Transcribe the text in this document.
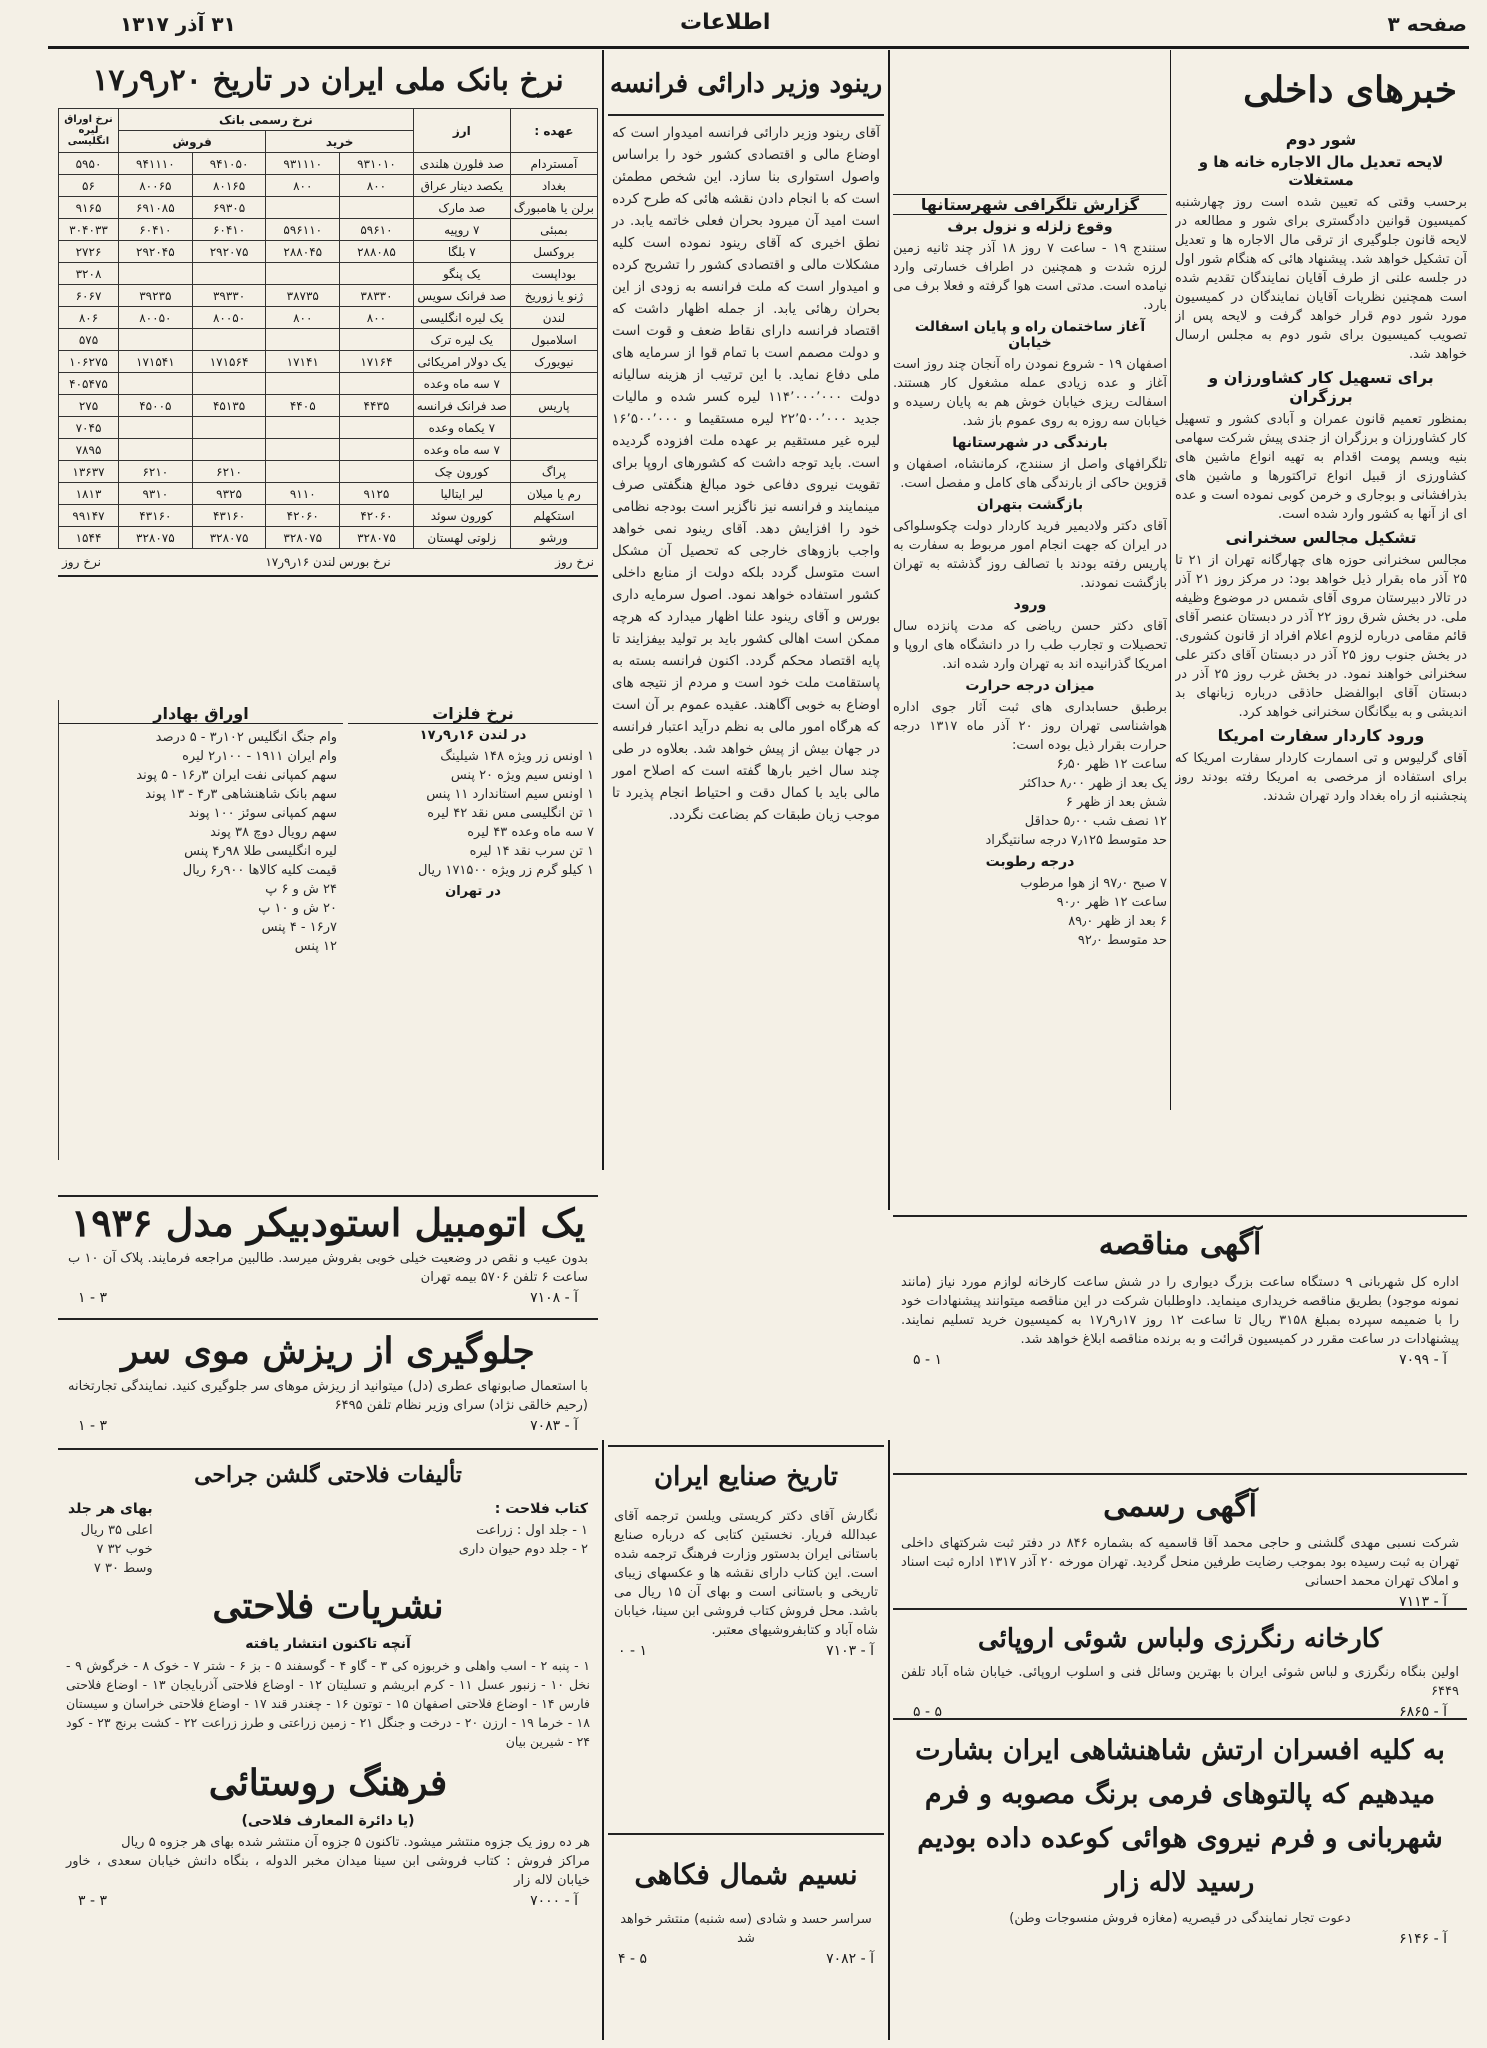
صفحه ۳
اطلاعات
۳۱ آذر ۱۳۱۷
نرخ بانک ملی ایران در تاریخ ۲۰ر۹ر۱۷
عهده :	ارز	نرخ رسمی بانک				نرخ اوراق لیره انگلیسی
		خرید		فروش		
آمستردام	صد فلورن هلندی	۹۳۱۰۱۰	۹۳۱۱۱۰	۹۴۱۰۵۰	۹۴۱۱۱۰	۵۹۵۰
بغداد	یکصد دینار عراق	۸۰۰	۸۰۰	۸۰۱۶۵	۸۰۰۶۵	۵۶
برلن یا هامبورگ	صد مارک			۶۹۳۰۵	۶۹۱۰۸۵	۹۱۶۵
بمبئی	۷ روپیه	۵۹۶۱۰	۵۹۶۱۱۰	۶۰۴۱۰	۶۰۴۱۰	۳۰۴۰۳۳
بروکسل	۷ بلگا	۲۸۸۰۸۵	۲۸۸۰۴۵	۲۹۲۰۷۵	۲۹۲۰۴۵	۲۷۲۶
بوداپست	یک پنگو					۳۲۰۸
ژنو یا زوریخ	صد فرانک سویس	۳۸۳۳۰	۳۸۷۳۵	۳۹۳۳۰	۳۹۲۳۵	۶۰۶۷
لندن	یک لیره انگلیسی	۸۰۰	۸۰۰	۸۰۰۵۰	۸۰۰۵۰	۸۰۶
اسلامبول	یک لیره ترک					۵۷۵
نیویورک	یک دولار امریکائی	۱۷۱۶۴	۱۷۱۴۱	۱۷۱۵۶۴	۱۷۱۵۴۱	۱۰۶۲۷۵
	۷ سه ماه وعده					۴۰۵۴۷۵
پاریس	صد فرانک فرانسه	۴۴۳۵	۴۴۰۵	۴۵۱۳۵	۴۵۰۰۵	۲۷۵
	۷ یکماه وعده					۷۰۴۵
	۷ سه ماه وعده					۷۸۹۵
پراگ	کورون چک			۶۲۱۰	۶۲۱۰	۱۳۶۳۷
رم یا میلان	لیر ایتالیا	۹۱۲۵	۹۱۱۰	۹۳۲۵	۹۳۱۰	۱۸۱۳
استکهلم	کورون سوئد	۴۲۰۶۰	۴۲۰۶۰	۴۳۱۶۰	۴۳۱۶۰	۹۹۱۴۷
ورشو	زلوتی لهستان	۳۲۸۰۷۵	۳۲۸۰۷۵	۳۲۸۰۷۵	۳۲۸۰۷۵	۱۵۴۴
نرخ روز
نرخ بورس لندن ۱۶ر۹ر۱۷
نرخ روز
نرخ فلزات
در لندن ۱۶ر۹ر۱۷
۱ اونس زر ویژه ۱۴۸ شیلینگ
۱ اونس سیم ویژه ۲۰ پنس
۱ اونس سیم استاندارد ۱۱ پنس
۱ تن انگلیسی مس نقد ۴۲ لیره
۷ سه ماه وعده ۴۳ لیره
۱ تن سرب نقد ۱۴ لیره
۱ کیلو گرم زر ویژه ۱۷۱۵۰۰ ریال
در تهران
اوراق بهادار
وام جنگ انگلیس ۱۰۲ر۳ - ۵ درصد
وام ایران ۱۹۱۱ - ۱۰۰ر۲ لیره
سهم کمپانی نفت ایران ۳ر۱۶ - ۵ پوند
سهم بانک شاهنشاهی ۳ر۴ - ۱۳ پوند
سهم کمپانی سوئز ۱۰۰ پوند
سهم رویال دوچ ۳۸ پوند
لیره انگلیسی طلا ۹۸ر۴ پنس
قیمت کلیه کالاها ۹۰۰ر۶ ریال
۲۴ ش و ۶ پ
۲۰ ش و ۱۰ پ
۷ر۱۶ - ۴ پنس
۱۲ پنس
رینود وزیر دارائی فرانسه
آقای رینود وزیر دارائی فرانسه امیدوار است که اوضاع مالی و اقتصادی کشور خود را براساس واصول استواری بنا سازد. این شخص مطمئن است که با انجام دادن نقشه هائی که طرح کرده است امید آن میرود بحران فعلی خاتمه یابد. در نطق اخیری که آقای رینود نموده است کلیه مشکلات مالی و اقتصادی کشور را تشریح کرده و امیدوار است که ملت فرانسه به زودی از این بحران رهائی یابد. از جمله اظهار داشت که اقتصاد فرانسه دارای نقاط ضعف و قوت است و دولت مصمم است با تمام قوا از سرمایه های ملی دفاع نماید. با این ترتیب از هزینه سالیانه دولت ۱۱۴٬۰۰۰٬۰۰۰ لیره کسر شده و مالیات جدید ۲۲٬۵۰۰٬۰۰۰ لیره مستقیما و ۱۶٬۵۰۰٬۰۰۰ لیره غیر مستقیم بر عهده ملت افزوده گردیده است. باید توجه داشت که کشورهای اروپا برای تقویت نیروی دفاعی خود مبالغ هنگفتی صرف مینمایند و فرانسه نیز ناگزیر است بودجه نظامی خود را افزایش دهد. آقای رینود نمی خواهد واجب بازوهای خارجی که تحصیل آن مشکل است متوسل گردد بلکه دولت از منابع داخلی کشور استفاده خواهد نمود. اصول سرمایه داری بورس و آقای رینود علنا اظهار میدارد که هرچه ممکن است اهالی کشور باید بر تولید بیفزایند تا پایه اقتصاد محکم گردد. اکنون فرانسه بسته به پاستقامت ملت خود است و مردم از نتیجه های اوضاع به خوبی آگاهند. عقیده عموم بر آن است که هرگاه امور مالی به نظم درآید اعتبار فرانسه در جهان بیش از پیش خواهد شد. بعلاوه در طی چند سال اخیر بارها گفته است که اصلاح امور مالی باید با کمال دقت و احتیاط انجام پذیرد تا موجب زیان طبقات کم بضاعت نگردد.
خبرهای داخلی
شور دوم
لایحه تعدیل مال الاجاره خانه ها و مستغلات
برحسب وقتی که تعیین شده است روز چهارشنبه کمیسیون قوانین دادگستری برای شور و مطالعه در لایحه قانون جلوگیری از ترقی مال الاجاره ها و تعدیل آن تشکیل خواهد شد. پیشنهاد هائی که هنگام شور اول در جلسه علنی از طرف آقایان نمایندگان تقدیم شده است همچنین نظریات آقایان نمایندگان در کمیسیون مورد شور دوم قرار خواهد گرفت و لایحه پس از تصویب کمیسیون برای شور دوم به مجلس ارسال خواهد شد.
برای تسهیل کار کشاورزان و برزگران
بمنظور تعمیم قانون عمران و آبادی کشور و تسهیل کار کشاورزان و برزگران از جندی پیش شرکت سهامی بنیه ویسم پومت اقدام به تهیه انواع ماشین های کشاورزی از قبیل انواع تراکتورها و ماشین های بذرافشانی و بوجاری و خرمن کوبی نموده است و عده ای از آنها به کشور وارد شده است.
تشکیل مجالس سخنرانی
مجالس سخنرانی حوزه های چهارگانه تهران از ۲۱ تا ۲۵ آذر ماه بقرار ذیل خواهد بود: در مرکز روز ۲۱ آذر در تالار دبیرستان مروی آقای شمس در موضوع وظیفه ملی. در بخش شرق روز ۲۲ آذر در دبستان عنصر آقای قائم مقامی درباره لزوم اعلام افراد از قانون کشوری. در بخش جنوب روز ۲۵ آذر در دبستان آقای دکتر علی سخنرانی خواهند نمود. در بخش غرب روز ۲۵ آذر در دبستان آقای ابوالفضل حاذقی درباره زبانهای بد اندیشی و به بیگانگان سخنرانی خواهد کرد.
ورود کاردار سفارت امریکا
آقای گرلیوس و تی اسمارت کاردار سفارت امریکا که برای استفاده از مرخصی به امریکا رفته بودند روز پنجشنبه از راه بغداد وارد تهران شدند.
گزارش تلگرافی شهرستانها
وقوع زلزله و نزول برف
سنندج ۱۹ - ساعت ۷ روز ۱۸ آذر چند ثانیه زمین لرزه شدت و همچنین در اطراف خسارتی وارد نیامده است. مدتی است هوا گرفته و فعلا برف می بارد.
آغاز ساختمان راه و پایان اسفالت خیابان
اصفهان ۱۹ - شروع نمودن راه آنجان چند روز است آغاز و عده زیادی عمله مشغول کار هستند. اسفالت ریزی خیابان خوش هم به پایان رسیده و خیابان سه روزه به روی عموم باز شد.
بارندگی در شهرستانها
تلگرافهای واصل از سنندج، کرمانشاه، اصفهان و قزوین حاکی از بارندگی های کامل و مفصل است.
بازگشت بتهران
آقای دکتر ولادیمیر فرید کاردار دولت چکوسلواکی در ایران که جهت انجام امور مربوط به سفارت به پاریس رفته بودند با تصالف روز گذشته به تهران بازگشت نمودند.
ورود
آقای دکتر حسن ریاضی که مدت پانزده سال تحصیلات و تجارب طب را در دانشگاه های اروپا و امریکا گذرانیده اند به تهران وارد شده اند.
میزان درجه حرارت
برطبق حسابداری های ثبت آثار جوی اداره هواشناسی تهران روز ۲۰ آذر ماه ۱۳۱۷ درجه حرارت بقرار ذیل بوده است:
ساعت ۱۲ ظهر ۶٫۵۰
یک بعد از ظهر ۸٫۰۰ حداکثر
شش بعد از ظهر ۶
۱۲ نصف شب ۵٫۰۰ حداقل
حد متوسط ۷٫۱۲۵ درجه سانتیگراد
درجه رطوبت
۷ صبح ۹۷٫۰ از هوا مرطوب
ساعت ۱۲ ظهر ۹۰٫۰
۶ بعد از ظهر ۸۹٫۰
حد متوسط ۹۲٫۰
یک اتومبیل استودبیکر مدل ۱۹۳۶
بدون عیب و نقص در وضعیت خیلی خوبی بفروش میرسد. طالبین مراجعه فرمایند. پلاک آن ۱۰ ب ساعت ۶ تلفن ۵۷۰۶ بیمه تهران
آ - ۷۱۰۸
۳ - ۱
جلوگیری از ریزش موی سر
با استعمال صابونهای عطری (دل) میتوانید از ریزش موهای سر جلوگیری کنید. نمایندگی تجارتخانه (رحیم خالقی نژاد) سرای وزیر نظام تلفن ۶۴۹۵
آ - ۷۰۸۳
۳ - ۱
آگهی مناقصه
اداره کل شهربانی ۹ دستگاه ساعت بزرگ دیواری را در شش ساعت کارخانه لوازم مورد نیاز (مانند نمونه موجود) بطریق مناقصه خریداری مینماید. داوطلبان شرکت در این مناقصه میتوانند پیشنهادات خود را با ضمیمه سپرده بمبلغ ۳۱۵۸ ریال تا ساعت ۱۲ روز ۱۷ر۹ر۱۷ به کمیسیون خرید تسلیم نمایند. پیشنهادات در ساعت مقرر در کمیسیون قرائت و به برنده مناقصه ابلاغ خواهد شد.
آ - ۷۰۹۹
۱ - ۵
آگهی رسمی
شرکت نسبی مهدی گلشنی و حاجی محمد آقا قاسمیه که بشماره ۸۴۶ در دفتر ثبت شرکتهای داخلی تهران به ثبت رسیده بود بموجب رضایت طرفین منحل گردید. تهران مورخه ۲۰ آذر ۱۳۱۷ اداره ثبت اسناد و املاک تهران محمد احسانی
آ - ۷۱۱۳
کارخانه رنگرزی ولباس شوئی اروپائی
اولین بنگاه رنگرزی و لباس شوئی ایران با بهترین وسائل فنی و اسلوب اروپائی. خیابان شاه آباد تلفن ۶۴۴۹
آ - ۶۸۶۵
۵ - ۵
به کلیه افسران ارتش شاهنشاهی ایران بشارت میدهیم که پالتوهای فرمی برنگ مصوبه و فرم شهربانی و فرم نیروی هوائی کوعده داده بودیم رسید لاله زار
دعوت تجار نمایندگی در قیصریه (مغازه فروش منسوجات وطن)
آ - ۶۱۴۶
تألیفات فلاحتی گلشن جراحی
کتاب فلاحت :
۱ - جلد اول : زراعت
۲ - جلد دوم حیوان داری
بهای هر جلد
اعلی ۳۵ ریال
خوب ۳۲ ۷
وسط ۳۰ ۷
نشریات فلاحتی
آنچه تاکنون انتشار یافته
۱ - پنبه ۲ - اسب واهلی و خربوزه کی ۳ - گاو ۴ - گوسفند ۵ - بز ۶ - شتر ۷ - خوک ۸ - خرگوش ۹ - نخل ۱۰ - زنبور عسل ۱۱ - کرم ابریشم و تسلیتان ۱۲ - اوضاع فلاحتی آذربایجان ۱۳ - اوضاع فلاحتی فارس ۱۴ - اوضاع فلاحتی اصفهان ۱۵ - توتون ۱۶ - چغندر قند ۱۷ - اوضاع فلاحتی خراسان و سیستان ۱۸ - خرما ۱۹ - ارزن ۲۰ - درخت و جنگل ۲۱ - زمین زراعتی و طرز زراعت ۲۲ - کشت برنج ۲۳ - کود ۲۴ - شیرین بیان
فرهنگ روستائی
(یا دائرة المعارف فلاحی)
هر ده روز یک جزوه منتشر میشود. تاکنون ۵ جزوه آن منتشر شده بهای هر جزوه ۵ ریال
مراکز فروش : کتاب فروشی ابن سینا میدان مخبر الدوله ، بنگاه دانش خیابان سعدی ، خاور خیابان لاله زار
آ - ۷۰۰۰
۳ - ۳
تاریخ صنایع ایران
نگارش آقای دکتر کریستی ویلسن ترجمه آقای عبدالله فریار. نخستین کتابی که درباره صنایع باستانی ایران بدستور وزارت فرهنگ ترجمه شده است. این کتاب دارای نقشه ها و عکسهای زیبای تاریخی و باستانی است و بهای آن ۱۵ ریال می باشد. محل فروش کتاب فروشی ابن سینا، خیابان شاه آباد و کتابفروشیهای معتبر.
آ - ۷۱۰۳
۱ - ۰
نسیم شمال فکاهی
سراسر حسد و شادی (سه شنبه) منتشر خواهد شد
آ - ۷۰۸۲
۵ - ۴
